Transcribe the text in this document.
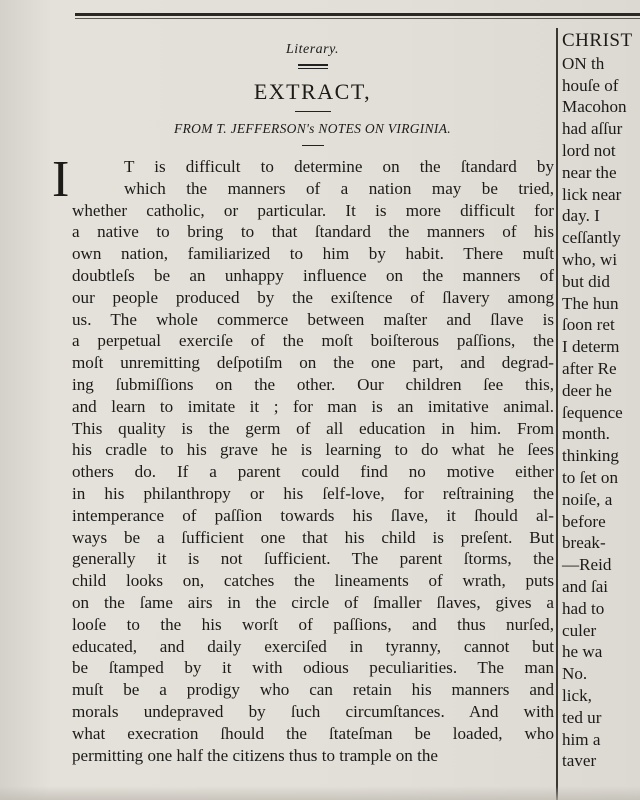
Literary.
EXTRACT,
FROM T. JEFFERSON's NOTES ON VIRGINIA.
I	T is difficult to determine on the ſtandard by
which the manners of a nation may be tried,
whether catholic, or particular. It is more difficult for
a native to bring to that ſtandard the manners of his
own nation, familiarized to him by habit. There muſt
doubtleſs be an unhappy influence on the manners of
our people produced by the exiſtence of ſlavery among
us. The whole commerce between maſter and ſlave is
a perpetual exerciſe of the moſt boiſterous paſſions, the
moſt unremitting deſpotiſm on the one part, and degrad-
ing ſubmiſſions on the other. Our children ſee this,
and learn to imitate it ; for man is an imitative animal.
This quality is the germ of all education in him. From
his cradle to his grave he is learning to do what he ſees
others do. If a parent could find no motive either
in his philanthropy or his ſelf-love, for reſtraining the
intemperance of paſſion towards his ſlave, it ſhould al-
ways be a ſufficient one that his child is preſent. But
generally it is not ſufficient. The parent ſtorms, the
child looks on, catches the lineaments of wrath, puts
on the ſame airs in the circle of ſmaller ſlaves, gives a
looſe to the his worſt of paſſions, and thus nurſed,
educated, and daily exerciſed in tyranny, cannot but
be ſtamped by it with odious peculiarities. The man
muſt be a prodigy who can retain his manners and
morals undepraved by ſuch circumſtances. And with
what execration ſhould the ſtateſman be loaded, who
permitting one half the citizens thus to trample on the
CHRIST
ON th
houſe of
Macohon
had aſſur
lord not
near the
lick near
day. I
ceſſantly
who, wi
but did
The hun
ſoon ret
I determ
after Re
deer he
ſequence
month.
thinking
to ſet on
noiſe, a
before
break-
—Reid
and ſai
had to
culer
he wa
No.
lick,
ted ur
him a
taver
